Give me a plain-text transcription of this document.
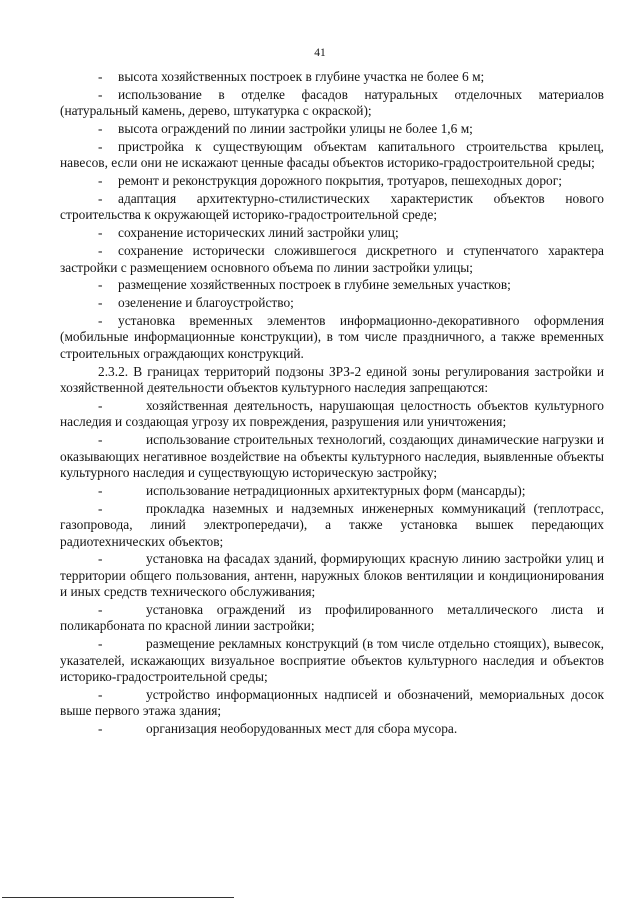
41

- высота хозяйственных построек в глубине участка не более 6 м;

- использование в отделке фасадов натуральных отделочных материалов (натуральный камень, дерево, штукатурка с окраской);

- высота ограждений по линии застройки улицы не более 1,6 м;

- пристройка к существующим объектам капитального строительства крылец, навесов, если они не искажают ценные фасады объектов историко-градостроительной среды;

- ремонт и реконструкция дорожного покрытия, тротуаров, пешеходных дорог;

- адаптация архитектурно-стилистических характеристик объектов нового строительства к окружающей историко-градостроительной среде;

- сохранение исторических линий застройки улиц;

- сохранение исторически сложившегося дискретного и ступенчатого характера застройки с размещением основного объема по линии застройки улицы;

- размещение хозяйственных построек в глубине земельных участков;

- озеленение и благоустройство;

- установка временных элементов информационно-декоративного оформления (мобильные информационные конструкции), в том числе праздничного, а также временных строительных ограждающих конструкций.

2.3.2. В границах территорий подзоны ЗРЗ-2 единой зоны регулирования застройки и хозяйственной деятельности объектов культурного наследия запрещаются:

-	хозяйственная деятельность, нарушающая целостность объектов культурного наследия и создающая угрозу их повреждения, разрушения или уничтожения;

-	использование строительных технологий, создающих динамические нагрузки и оказывающих негативное воздействие на объекты культурного наследия, выявленные объекты культурного наследия и существующую историческую застройку;

-	использование нетрадиционных архитектурных форм (мансарды);

-	прокладка наземных и надземных инженерных коммуникаций (теплотрасс, газопровода, линий электропередачи), а также установка вышек передающих радиотехнических объектов;

-	установка на фасадах зданий, формирующих красную линию застройки улиц и территории общего пользования, антенн, наружных блоков вентиляции и кондиционирования и иных средств технического обслуживания;

-	установка ограждений из профилированного металлического листа и поликарбоната по красной линии застройки;

-	размещение рекламных конструкций (в том числе отдельно стоящих), вывесок, указателей, искажающих визуальное восприятие объектов культурного наследия и объектов историко-градостроительной среды;

-	устройство информационных надписей и обозначений, мемориальных досок выше первого этажа здания;

-	организация необорудованных мест для сбора мусора.
